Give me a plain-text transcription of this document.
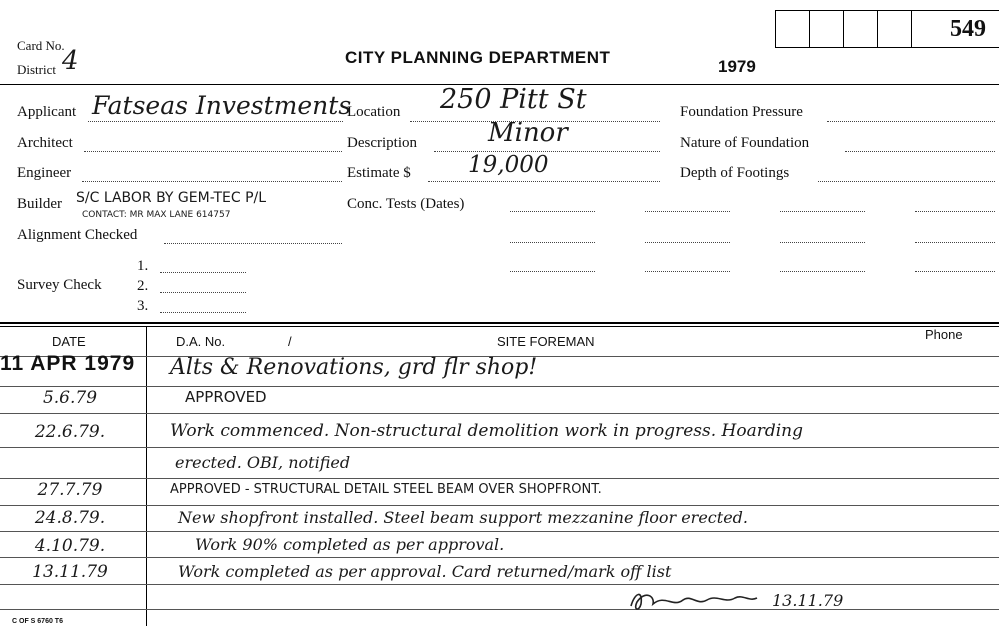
Card No.
District 4	CITY PLANNING DEPARTMENT	1979
549
Applicant Fatseas Investments
Architect
Engineer
Builder S/C LABOR BY GEM-TEC P/L
CONTACT: MR MAX LANE 614757
Alignment Checked
Survey Check
1.
2.
3.
Location 250 Pitt St
Description	Minor
Estimate $ 19,000
Conc. Tests (Dates)
Foundation Pressure
Nature of Foundation
Depth of Footings
DATE	D.A. No.	/	SITE FOREMAN	Phone
11 APR 1979 Alts & Renovations, grd flr shop!
5.6.79	APPROVED
22.6.79.	Work commenced. Non-structural demolition work in progress. Hoarding
erected. OBI, notified
27.7.79	APPROVED - STRUCTURAL DETAIL STEEL BEAM OVER SHOPFRONT.
24.8.79.	New shopfront installed. Steel beam support mezzanine floor erected.
4.10.79.	Work 90% completed as per approval.
13.11.79	Work completed as per approval. Card returned/mark off list
13.11.79
C OF S 6760 T6
